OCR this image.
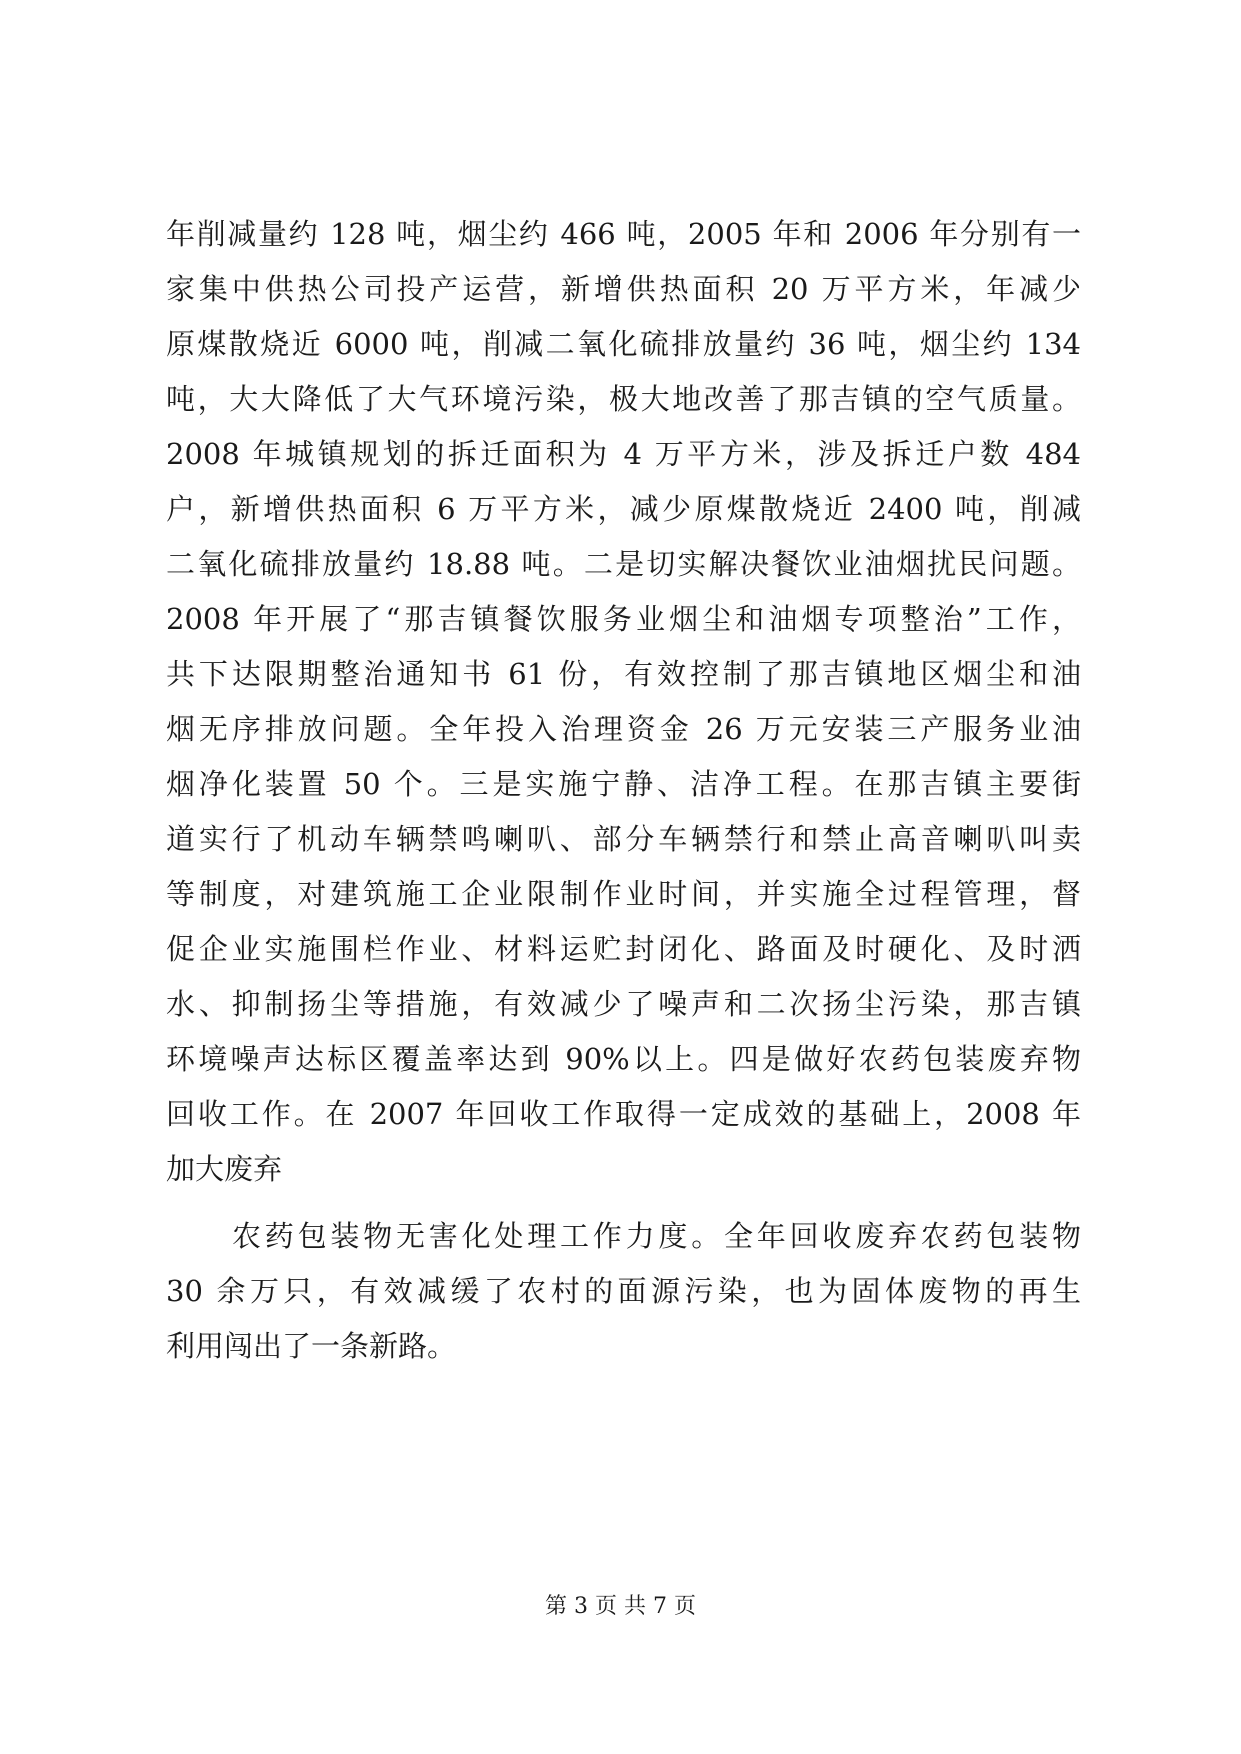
年削减量约 128 吨，烟尘约 466 吨，2005 年和 2006 年分别有一
家集中供热公司投产运营，新增供热面积 20 万平方米，年减少
原煤散烧近 6000 吨，削减二氧化硫排放量约 36 吨，烟尘约 134
吨，大大降低了大气环境污染，极大地改善了那吉镇的空气质量。
2008 年城镇规划的拆迁面积为 4 万平方米，涉及拆迁户数 484
户，新增供热面积 6 万平方米，减少原煤散烧近 2400 吨，削减
二氧化硫排放量约 18.88 吨。二是切实解决餐饮业油烟扰民问题。
2008 年开展了“那吉镇餐饮服务业烟尘和油烟专项整治”工作，
共下达限期整治通知书 61 份，有效控制了那吉镇地区烟尘和油
烟无序排放问题。全年投入治理资金 26 万元安装三产服务业油
烟净化装置 50 个。三是实施宁静、洁净工程。在那吉镇主要街
道实行了机动车辆禁鸣喇叭、部分车辆禁行和禁止高音喇叭叫卖
等制度，对建筑施工企业限制作业时间，并实施全过程管理，督
促企业实施围栏作业、材料运贮封闭化、路面及时硬化、及时洒
水、抑制扬尘等措施，有效减少了噪声和二次扬尘污染，那吉镇
环境噪声达标区覆盖率达到 90%以上。四是做好农药包装废弃物
回收工作。在 2007 年回收工作取得一定成效的基础上，2008 年
加大废弃
农药包装物无害化处理工作力度。全年回收废弃农药包装物
30 余万只，有效减缓了农村的面源污染，也为固体废物的再生
利用闯出了一条新路。
第 3 页 共 7 页
